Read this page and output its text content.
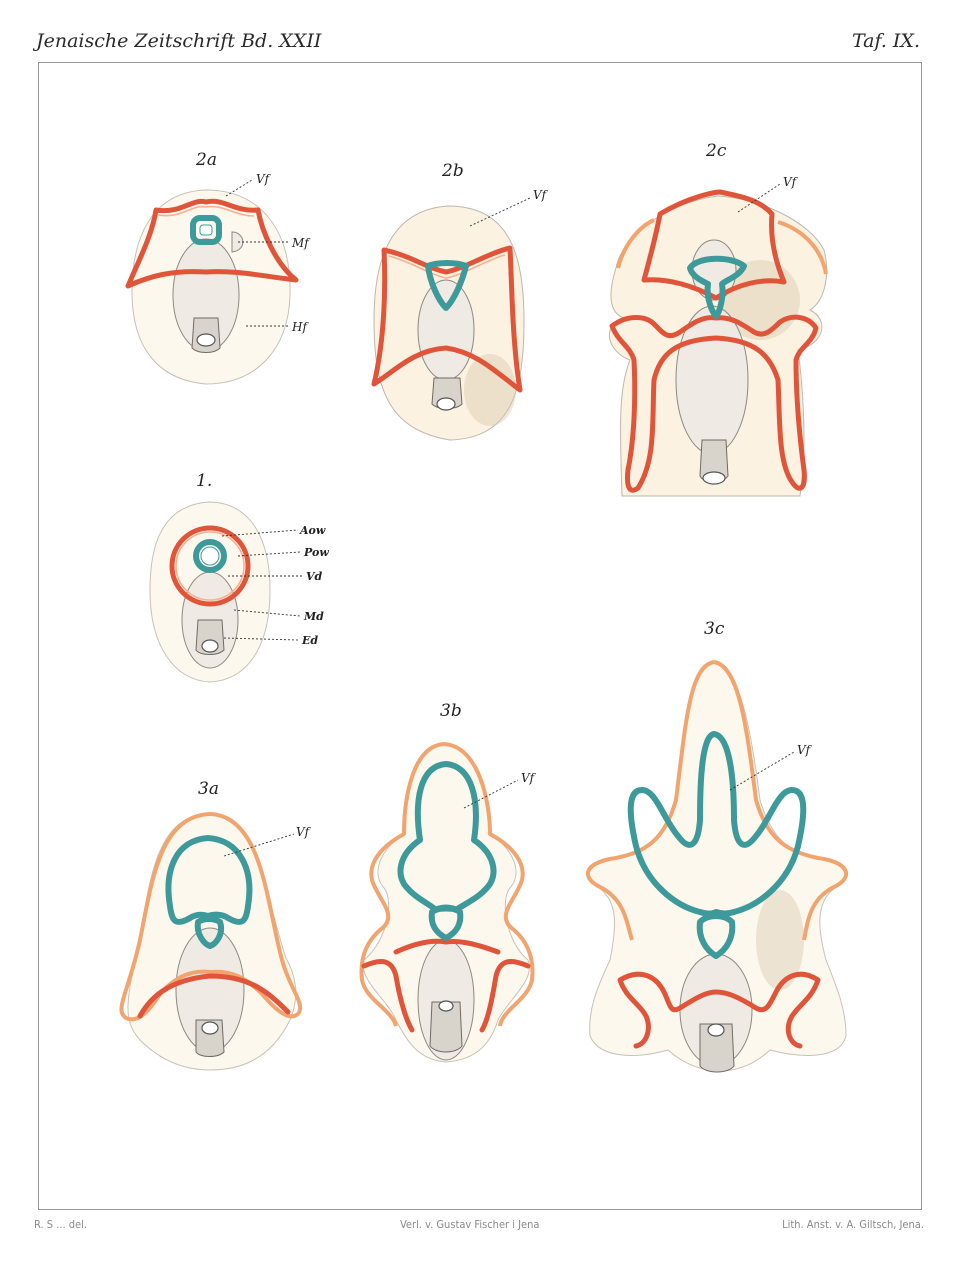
Jenaische Zeitschrift Bd. XXII	Taf. IX.
2a
Vf
Mf
Hf
2b
Vf
2c
Vf
1.
Aow
Pow
Vd
Md
Ed
3a
Vf
3b
Vf
3c
Vf
R. S ... del.	Verl. v. Gustav Fischer i Jena	Lith. Anst. v. A. Giltsch, Jena.
